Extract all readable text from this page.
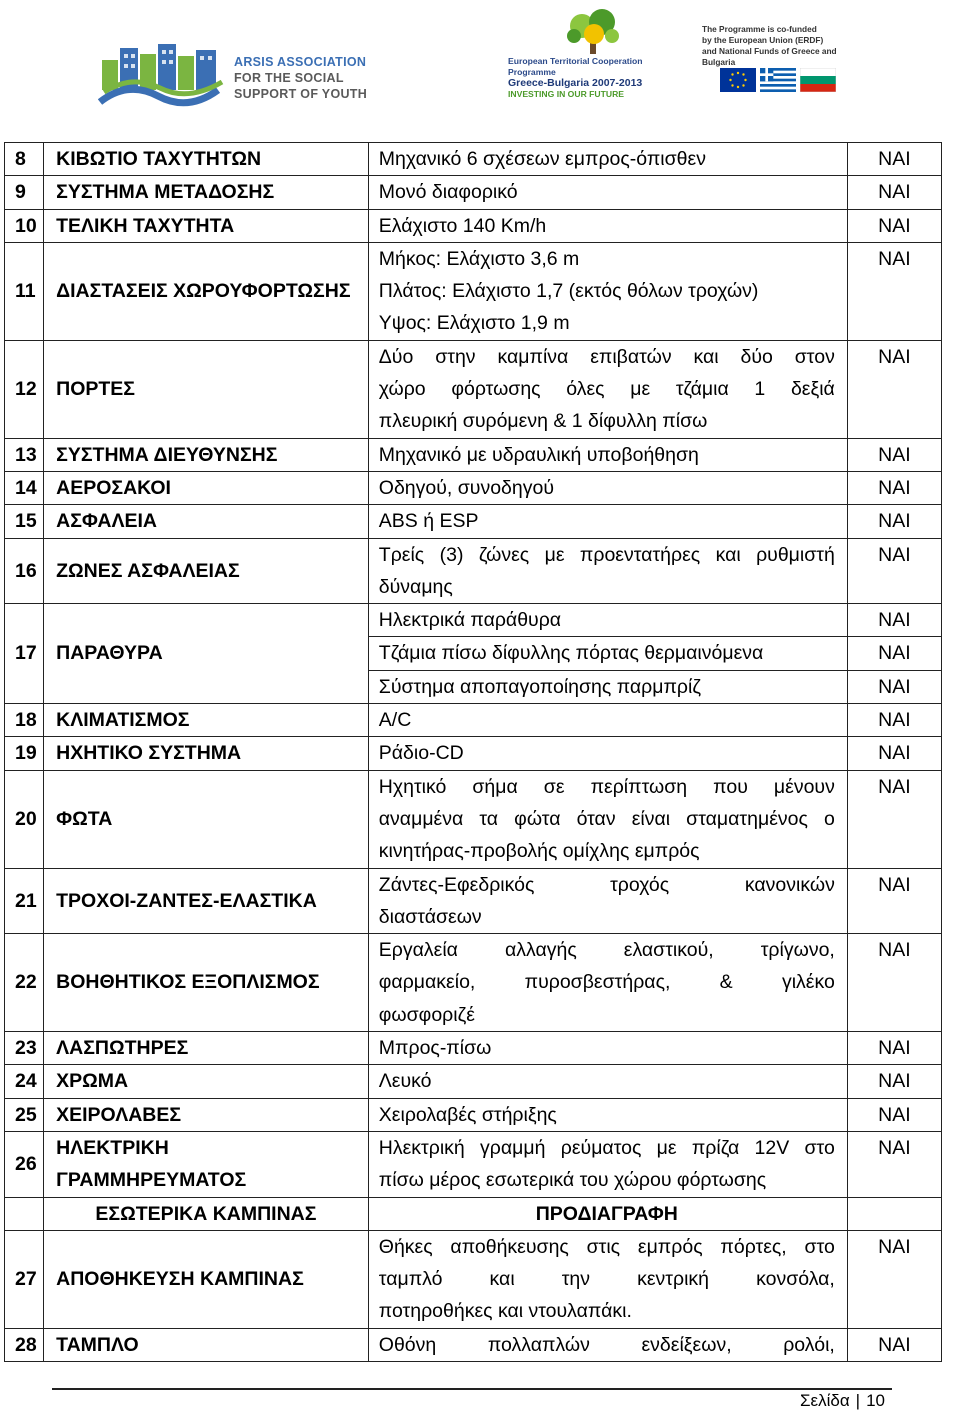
ARSIS ASSOCIATION
FOR THE SOCIAL
SUPPORT OF YOUTH
European Territorial Cooperation Programme
Greece-Bulgaria 2007-2013
INVESTING IN OUR FUTURE
The Programme is co-funded
by the European Union (ERDF)
and National Funds of Greece and Bulgaria
8	ΚΙΒΩΤΙΟ ΤΑΧΥΤΗΤΩΝ	Μηχανικό 6 σχέσεων εμπρος-όπισθεν	ΝΑΙ
9	ΣΥΣΤΗΜΑ ΜΕΤΑΔΟΣΗΣ	Μονό διαφορικό	ΝΑΙ
10	ΤΕΛΙΚΗ ΤΑΧΥΤΗΤΑ	Ελάχιστο 140 Km/h	ΝΑΙ
11	ΔΙΑΣΤΑΣΕΙΣ ΧΩΡΟΥΦΟΡΤΩΣΗΣ	Μήκος: Ελάχιστο 3,6 m
Πλάτος: Ελάχιστο 1,7 (εκτός θόλων τροχών)
Υψος: Ελάχιστο 1,9 m	ΝΑΙ
12	ΠΟΡΤΕΣ	Δύο στην καμπίνα επιβατών και δύο στον
χώρο φόρτωσης όλες με τζάμια 1 δεξιά
πλευρική συρόμενη & 1 δίφυλλη πίσω	ΝΑΙ
13	ΣΥΣΤΗΜΑ ΔΙΕΥΘΥΝΣΗΣ	Μηχανικό με υδραυλική υποβοήθηση	ΝΑΙ
14	ΑΕΡΟΣΑΚΟΙ	Οδηγού, συνοδηγού	ΝΑΙ
15	ΑΣΦΑΛΕΙΑ	ABS ή ESP	ΝΑΙ
16	ΖΩΝΕΣ ΑΣΦΑΛΕΙΑΣ	Τρείς (3) ζώνες με προεντατήρες και ρυθμιστή
δύναμης	ΝΑΙ
17	ΠΑΡΑΘΥΡΑ	Ηλεκτρικά παράθυρα	ΝΑΙ
		Τζάμια πίσω δίφυλλης πόρτας θερμαινόμενα	ΝΑΙ
		Σύστημα αποπαγοποίησης παρμπρίζ	ΝΑΙ
18	ΚΛΙΜΑΤΙΣΜΟΣ	A/C	ΝΑΙ
19	ΗΧΗΤΙΚΟ ΣΥΣΤΗΜΑ	Ράδιο-CD	ΝΑΙ
20	ΦΩΤΑ	Ηχητικό σήμα σε περίπτωση που μένουν
αναμμένα τα φώτα όταν είναι σταματημένος ο
κινητήρας-προβολής ομίχλης εμπρός	ΝΑΙ
21	ΤΡΟΧΟΙ-ΖΑΝΤΕΣ-ΕΛΑΣΤΙΚΑ	Ζάντες-Εφεδρικός τροχός κανονικών
διαστάσεων	ΝΑΙ
22	ΒΟΗΘΗΤΙΚΟΣ ΕΞΟΠΛΙΣΜΟΣ	Εργαλεία αλλαγής ελαστικού, τρίγωνο,
φαρμακείο, πυροσβεστήρας, & γιλέκο
φωσφοριζέ	ΝΑΙ
23	ΛΑΣΠΩΤΗΡΕΣ	Μπρος-πίσω	ΝΑΙ
24	ΧΡΩΜΑ	Λευκό	ΝΑΙ
25	ΧΕΙΡΟΛΑΒΕΣ	Χειρολαβές στήριξης	ΝΑΙ
26	ΗΛΕΚΤΡΙΚΗ ΓΡΑΜΜΗΡΕΥΜΑΤΟΣ	Ηλεκτρική γραμμή ρεύματος με πρίζα 12V στο
πίσω μέρος εσωτερικά του χώρου φόρτωσης	ΝΑΙ
	ΕΣΩΤΕΡΙΚΑ ΚΑΜΠΙΝΑΣ	ΠΡΟΔΙΑΓΡΑΦΗ	
27	ΑΠΟΘΗΚΕΥΣΗ ΚΑΜΠΙΝΑΣ	Θήκες αποθήκευσης στις εμπρός πόρτες, στο
ταμπλό και την κεντρική κονσόλα,
ποτηροθήκες και ντουλαπάκι.	ΝΑΙ
28	ΤΑΜΠΛΟ	Οθόνη πολλαπλών ενδείξεων, ρολόι,	ΝΑΙ
Σελίδα | 10
